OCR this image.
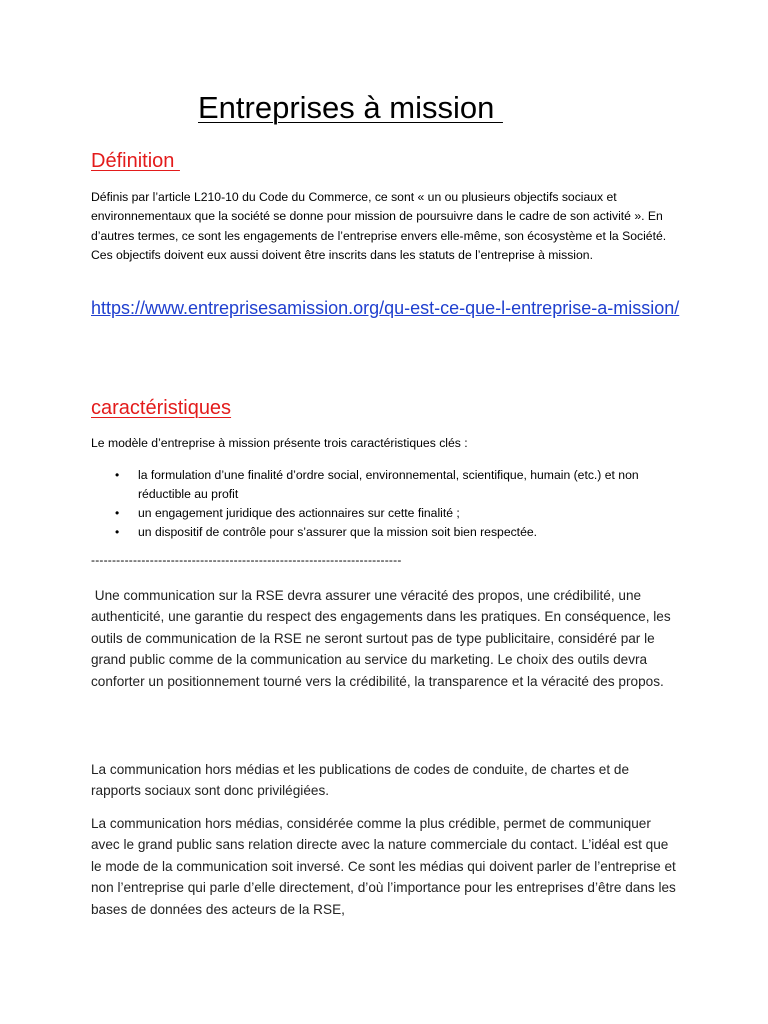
Entreprises à mission
Définition
Définis par l’article L210-10 du Code du Commerce, ce sont « un ou plusieurs objectifs sociaux et environnementaux que la société se donne pour mission de poursuivre dans le cadre de son activité ». En d’autres termes, ce sont les engagements de l’entreprise envers elle-même, son écosystème et la Société. Ces objectifs doivent eux aussi doivent être inscrits dans les statuts de l’entreprise à mission.
https://www.entreprisesamission.org/qu-est-ce-que-l-entreprise-a-mission/
caractéristiques
Le modèle d’entreprise à mission présente trois caractéristiques clés :
• la formulation d’une finalité d’ordre social, environnemental, scientifique, humain (etc.) et non réductible au profit
• un engagement juridique des actionnaires sur cette finalité ;
• un dispositif de contrôle pour s’assurer que la mission soit bien respectée.
--------------------------------------------------------------------------
Une communication sur la RSE devra assurer une véracité des propos, une crédibilité, une authenticité, une garantie du respect des engagements dans les pratiques. En conséquence, les outils de communication de la RSE ne seront surtout pas de type publicitaire, considéré par le grand public comme de la communication au service du marketing. Le choix des outils devra conforter un positionnement tourné vers la crédibilité, la transparence et la véracité des propos.
La communication hors médias et les publications de codes de conduite, de chartes et de rapports sociaux sont donc privilégiées.
La communication hors médias, considérée comme la plus crédible, permet de communiquer avec le grand public sans relation directe avec la nature commerciale du contact. L’idéal est que le mode de la communication soit inversé. Ce sont les médias qui doivent parler de l’entreprise et non l’entreprise qui parle d’elle directement, d’où l’importance pour les entreprises d’être dans les bases de données des acteurs de la RSE,
